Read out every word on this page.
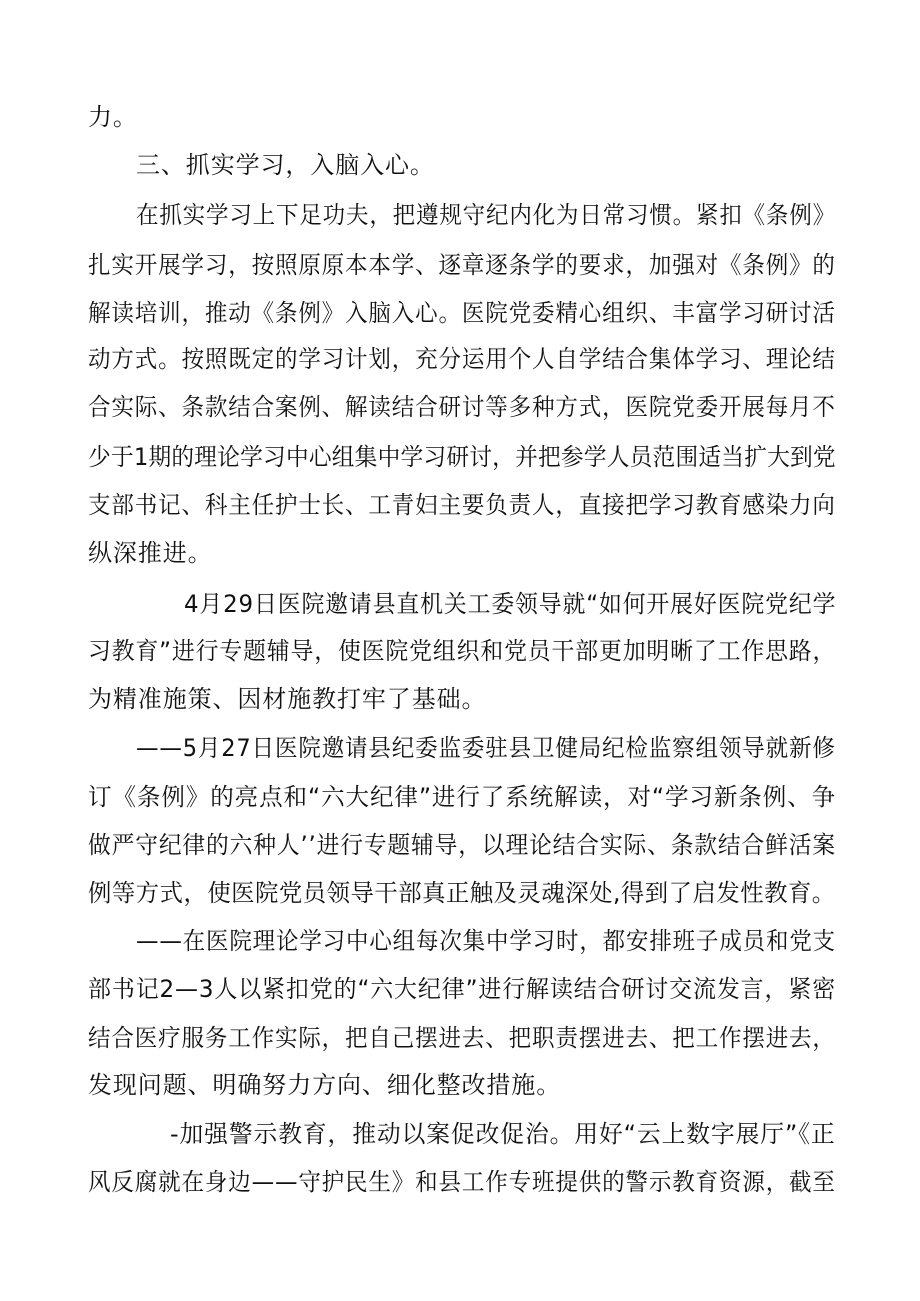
力。
三、抓实学习，入脑入心。
在抓实学习上下足功夫，把遵规守纪内化为日常习惯。紧扣《条例》
扎实开展学习，按照原原本本学、逐章逐条学的要求，加强对《条例》的
解读培训，推动《条例》入脑入心。医院党委精心组织、丰富学习研讨活
动方式。按照既定的学习计划，充分运用个人自学结合集体学习、理论结
合实际、条款结合案例、解读结合研讨等多种方式，医院党委开展每月不
少于1期的理论学习中心组集中学习研讨，并把参学人员范围适当扩大到党
支部书记、科主任护士长、工青妇主要负责人，直接把学习教育感染力向
纵深推进。
4月29日医院邀请县直机关工委领导就“如何开展好医院党纪学
习教育”进行专题辅导，使医院党组织和党员干部更加明晰了工作思路，
为精准施策、因材施教打牢了基础。
——5月27日医院邀请县纪委监委驻县卫健局纪检监察组领导就新修
订《条例》的亮点和“六大纪律”进行了系统解读，对“学习新条例、争
做严守纪律的六种人’’进行专题辅导，以理论结合实际、条款结合鲜活案
例等方式，使医院党员领导干部真正触及灵魂深处,得到了启发性教育。
——在医院理论学习中心组每次集中学习时，都安排班子成员和党支
部书记2—3人以紧扣党的“六大纪律”进行解读结合研讨交流发言，紧密
结合医疗服务工作实际，把自己摆进去、把职责摆进去、把工作摆进去，
发现问题、明确努力方向、细化整改措施。
-加强警示教育，推动以案促改促治。用好“云上数字展厅”《正
风反腐就在身边——守护民生》和县工作专班提供的警示教育资源，截至
